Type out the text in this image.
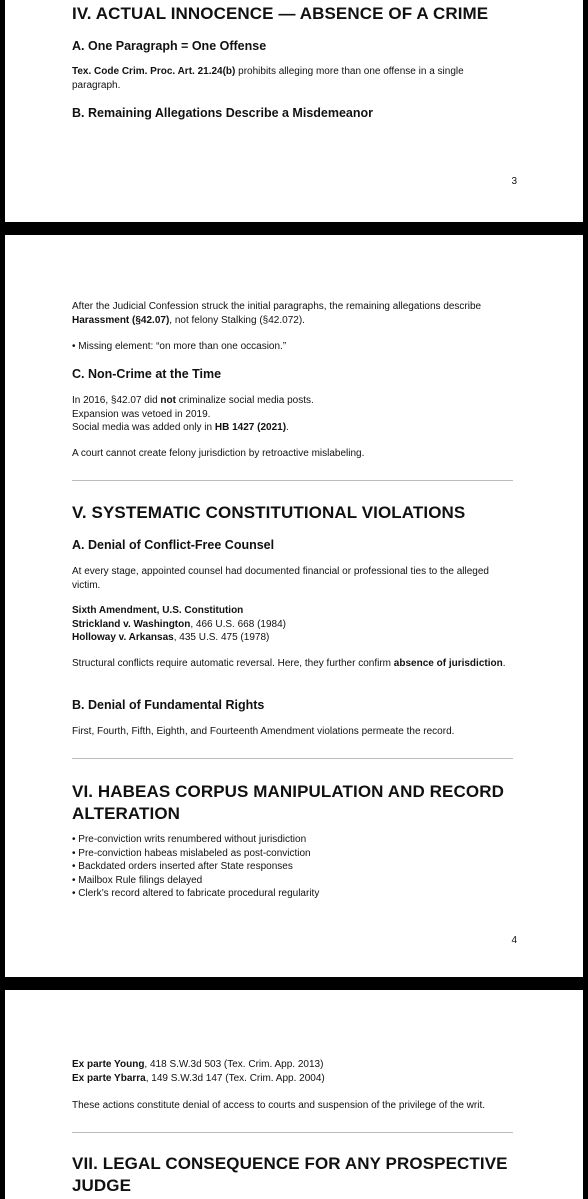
IV. ACTUAL INNOCENCE — ABSENCE OF A CRIME
A. One Paragraph = One Offense

Tex. Code Crim. Proc. Art. 21.24(b) prohibits alleging more than one offense in a single paragraph.

B. Remaining Allegations Describe a Misdemeanor
3

After the Judicial Confession struck the initial paragraphs, the remaining allegations describe Harassment (§42.07), not felony Stalking (§42.072).

• Missing element: “on more than one occasion.”

C. Non-Crime at the Time

In 2016, §42.07 did not criminalize social media posts.

Expansion was vetoed in 2019.

Social media was added only in HB 1427 (2021).

A court cannot create felony jurisdiction by retroactive mislabeling.

V. SYSTEMATIC CONSTITUTIONAL VIOLATIONS
A. Denial of Conflict-Free Counsel

At every stage, appointed counsel had documented financial or professional ties to the alleged victim.

Sixth Amendment, U.S. Constitution

Strickland v. Washington, 466 U.S. 668 (1984)

Holloway v. Arkansas, 435 U.S. 475 (1978)

Structural conflicts require automatic reversal. Here, they further confirm absence of jurisdiction.

B. Denial of Fundamental Rights

First, Fourth, Fifth, Eighth, and Fourteenth Amendment violations permeate the record.

VI. HABEAS CORPUS MANIPULATION AND RECORD ALTERATION
• Pre-conviction writs renumbered without jurisdiction
• Pre-conviction habeas mislabeled as post-conviction
• Backdated orders inserted after State responses
• Mailbox Rule filings delayed
• Clerk’s record altered to fabricate procedural regularity
4

Ex parte Young, 418 S.W.3d 503 (Tex. Crim. App. 2013)

Ex parte Ybarra, 149 S.W.3d 147 (Tex. Crim. App. 2004)

These actions constitute denial of access to courts and suspension of the privilege of the writ.

VII. LEGAL CONSEQUENCE FOR ANY PROSPECTIVE JUDGE
